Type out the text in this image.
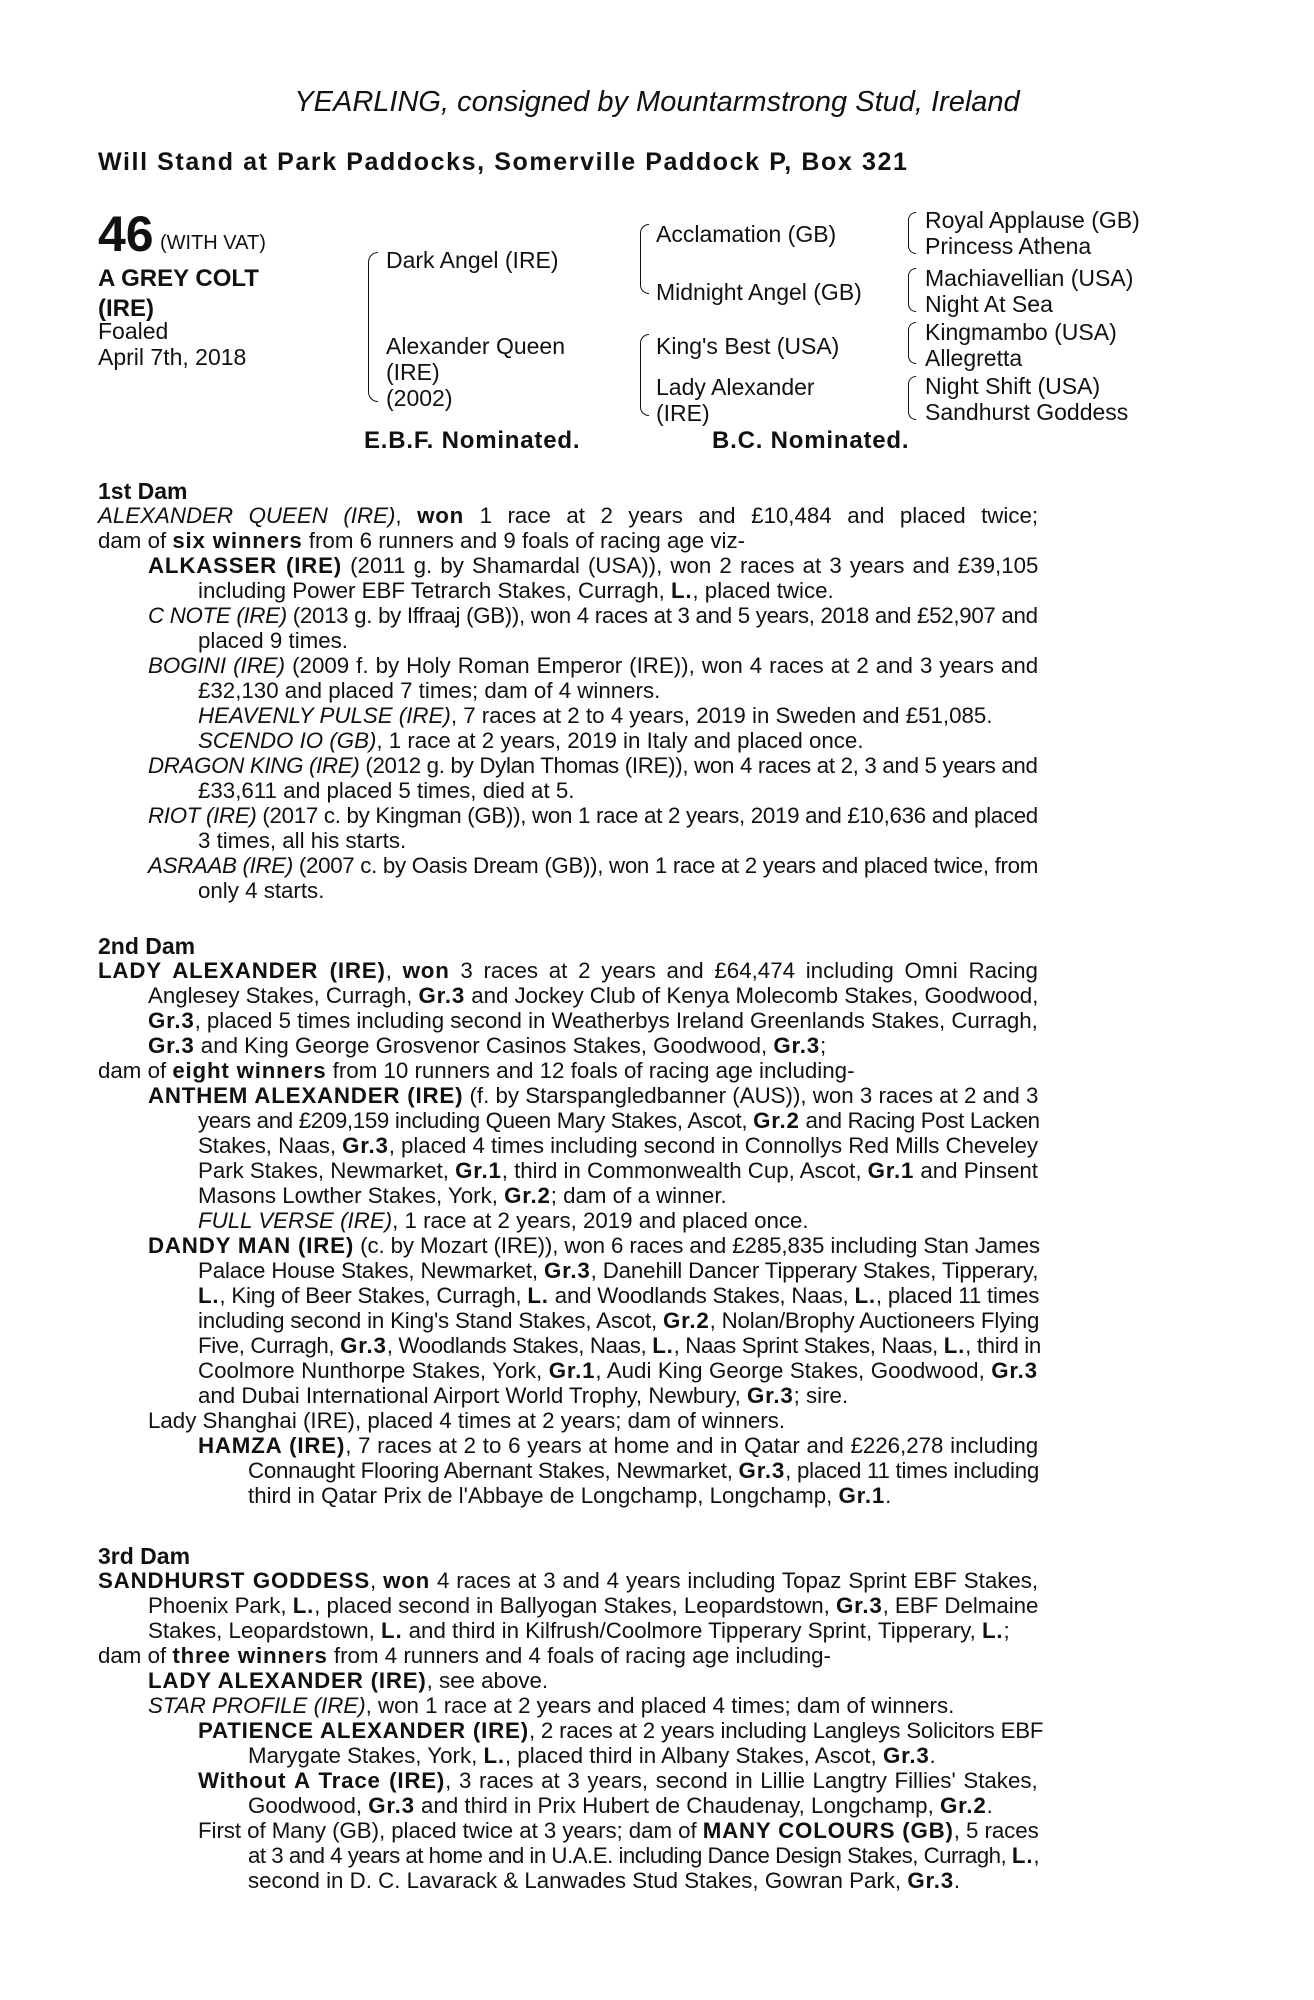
YEARLING, consigned by Mountarmstrong Stud, Ireland
Will Stand at Park Paddocks, Somerville Paddock P, Box 321
46 (WITH VAT)
A GREY COLT (IRE)
Foaled
April 7th, 2018
Dark Angel (IRE)
Alexander Queen
(IRE)
(2002)
Acclamation (GB)
Midnight Angel (GB)
King's Best (USA)
Lady Alexander
(IRE)
Royal Applause (GB)
Princess Athena
Machiavellian (USA)
Night At Sea
Kingmambo (USA)
Allegretta
Night Shift (USA)
Sandhurst Goddess
E.B.F. Nominated.	B.C. Nominated.
1st Dam
ALEXANDER QUEEN (IRE), won 1 race at 2 years and £10,484 and placed twice;
dam of six winners from 6 runners and 9 foals of racing age viz-
ALKASSER (IRE) (2011 g. by Shamardal (USA)), won 2 races at 3 years and £39,105
including Power EBF Tetrarch Stakes, Curragh, L., placed twice.
C NOTE (IRE) (2013 g. by Iffraaj (GB)), won 4 races at 3 and 5 years, 2018 and £52,907 and
placed 9 times.
BOGINI (IRE) (2009 f. by Holy Roman Emperor (IRE)), won 4 races at 2 and 3 years and
£32,130 and placed 7 times; dam of 4 winners.
HEAVENLY PULSE (IRE), 7 races at 2 to 4 years, 2019 in Sweden and £51,085.
SCENDO IO (GB), 1 race at 2 years, 2019 in Italy and placed once.
DRAGON KING (IRE) (2012 g. by Dylan Thomas (IRE)), won 4 races at 2, 3 and 5 years and
£33,611 and placed 5 times, died at 5.
RIOT (IRE) (2017 c. by Kingman (GB)), won 1 race at 2 years, 2019 and £10,636 and placed
3 times, all his starts.
ASRAAB (IRE) (2007 c. by Oasis Dream (GB)), won 1 race at 2 years and placed twice, from
only 4 starts.
2nd Dam
LADY ALEXANDER (IRE), won 3 races at 2 years and £64,474 including Omni Racing
Anglesey Stakes, Curragh, Gr.3 and Jockey Club of Kenya Molecomb Stakes, Goodwood,
Gr.3, placed 5 times including second in Weatherbys Ireland Greenlands Stakes, Curragh,
Gr.3 and King George Grosvenor Casinos Stakes, Goodwood, Gr.3;
dam of eight winners from 10 runners and 12 foals of racing age including-
ANTHEM ALEXANDER (IRE) (f. by Starspangledbanner (AUS)), won 3 races at 2 and 3
years and £209,159 including Queen Mary Stakes, Ascot, Gr.2 and Racing Post Lacken
Stakes, Naas, Gr.3, placed 4 times including second in Connollys Red Mills Cheveley
Park Stakes, Newmarket, Gr.1, third in Commonwealth Cup, Ascot, Gr.1 and Pinsent
Masons Lowther Stakes, York, Gr.2; dam of a winner.
FULL VERSE (IRE), 1 race at 2 years, 2019 and placed once.
DANDY MAN (IRE) (c. by Mozart (IRE)), won 6 races and £285,835 including Stan James
Palace House Stakes, Newmarket, Gr.3, Danehill Dancer Tipperary Stakes, Tipperary,
L., King of Beer Stakes, Curragh, L. and Woodlands Stakes, Naas, L., placed 11 times
including second in King's Stand Stakes, Ascot, Gr.2, Nolan/Brophy Auctioneers Flying
Five, Curragh, Gr.3, Woodlands Stakes, Naas, L., Naas Sprint Stakes, Naas, L., third in
Coolmore Nunthorpe Stakes, York, Gr.1, Audi King George Stakes, Goodwood, Gr.3
and Dubai International Airport World Trophy, Newbury, Gr.3; sire.
Lady Shanghai (IRE), placed 4 times at 2 years; dam of winners.
HAMZA (IRE), 7 races at 2 to 6 years at home and in Qatar and £226,278 including
Connaught Flooring Abernant Stakes, Newmarket, Gr.3, placed 11 times including
third in Qatar Prix de l'Abbaye de Longchamp, Longchamp, Gr.1.
3rd Dam
SANDHURST GODDESS, won 4 races at 3 and 4 years including Topaz Sprint EBF Stakes,
Phoenix Park, L., placed second in Ballyogan Stakes, Leopardstown, Gr.3, EBF Delmaine
Stakes, Leopardstown, L. and third in Kilfrush/Coolmore Tipperary Sprint, Tipperary, L.;
dam of three winners from 4 runners and 4 foals of racing age including-
LADY ALEXANDER (IRE), see above.
STAR PROFILE (IRE), won 1 race at 2 years and placed 4 times; dam of winners.
PATIENCE ALEXANDER (IRE), 2 races at 2 years including Langleys Solicitors EBF
Marygate Stakes, York, L., placed third in Albany Stakes, Ascot, Gr.3.
Without A Trace (IRE), 3 races at 3 years, second in Lillie Langtry Fillies' Stakes,
Goodwood, Gr.3 and third in Prix Hubert de Chaudenay, Longchamp, Gr.2.
First of Many (GB), placed twice at 3 years; dam of MANY COLOURS (GB), 5 races
at 3 and 4 years at home and in U.A.E. including Dance Design Stakes, Curragh, L.,
second in D. C. Lavarack & Lanwades Stud Stakes, Gowran Park, Gr.3.
